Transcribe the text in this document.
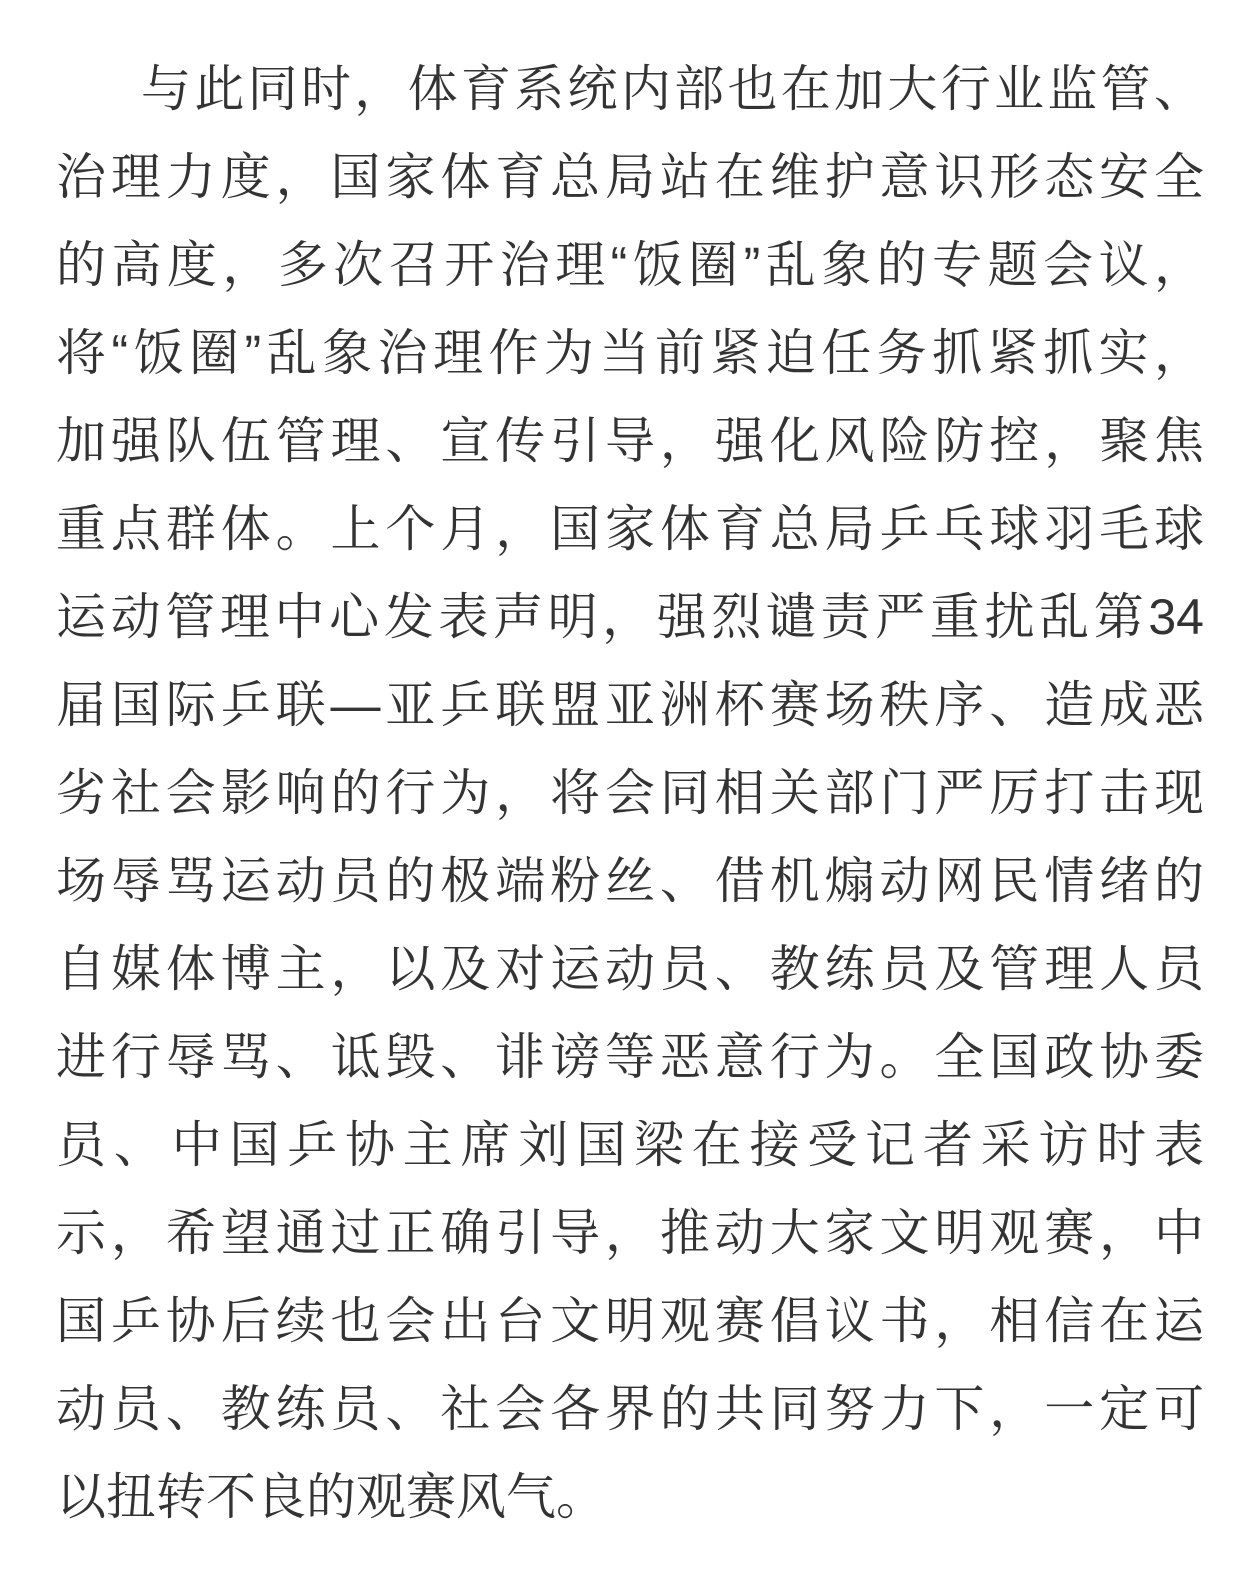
与此同时，体育系统内部也在加大行业监管、
治理力度，国家体育总局站在维护意识形态安全
的高度，多次召开治理“饭圈”乱象的专题会议，
将“饭圈”乱象治理作为当前紧迫任务抓紧抓实，
加强队伍管理、宣传引导，强化风险防控，聚焦
重点群体。上个月，国家体育总局乒乓球羽毛球
运动管理中心发表声明，强烈谴责严重扰乱第34
届国际乒联—亚乒联盟亚洲杯赛场秩序、造成恶
劣社会影响的行为，将会同相关部门严厉打击现
场辱骂运动员的极端粉丝、借机煽动网民情绪的
自媒体博主，以及对运动员、教练员及管理人员
进行辱骂、诋毁、诽谤等恶意行为。全国政协委
员、中国乒协主席刘国梁在接受记者采访时表
示，希望通过正确引导，推动大家文明观赛，中
国乒协后续也会出台文明观赛倡议书，相信在运
动员、教练员、社会各界的共同努力下，一定可
以扭转不良的观赛风气。
